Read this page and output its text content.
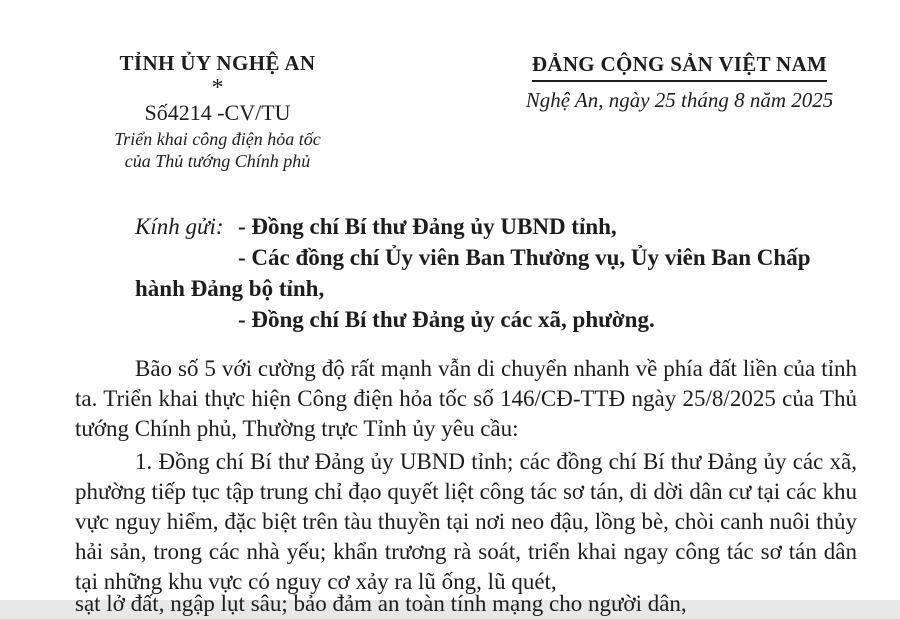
TỈNH ỦY NGHỆ AN
*
Số4214 -CV/TU
Triển khai công điện hỏa tốc
của Thủ tướng Chính phủ
ĐẢNG CỘNG SẢN VIỆT NAM
Nghệ An, ngày 25 tháng 8 năm 2025
Kính gửi: - Đồng chí Bí thư Đảng ủy UBND tỉnh,
- Các đồng chí Ủy viên Ban Thường vụ, Ủy viên Ban Chấp
hành Đảng bộ tỉnh,
- Đồng chí Bí thư Đảng ủy các xã, phường.

Bão số 5 với cường độ rất mạnh vẫn di chuyển nhanh về phía đất liền của tỉnh ta. Triển khai thực hiện Công điện hỏa tốc số 146/CĐ-TTĐ ngày 25/8/2025 của Thủ tướng Chính phủ, Thường trực Tỉnh ủy yêu cầu:

1. Đồng chí Bí thư Đảng ủy UBND tỉnh; các đồng chí Bí thư Đảng ủy các xã, phường tiếp tục tập trung chỉ đạo quyết liệt công tác sơ tán, di dời dân cư tại các khu vực nguy hiểm, đặc biệt trên tàu thuyền tại nơi neo đậu, lồng bè, chòi canh nuôi thủy hải sản, trong các nhà yếu; khẩn trương rà soát, triển khai ngay công tác sơ tán dân tại những khu vực có nguy cơ xảy ra lũ ống, lũ quét,

sạt lở đất, ngập lụt sâu; bảo đảm an toàn tính mạng cho người dân,
